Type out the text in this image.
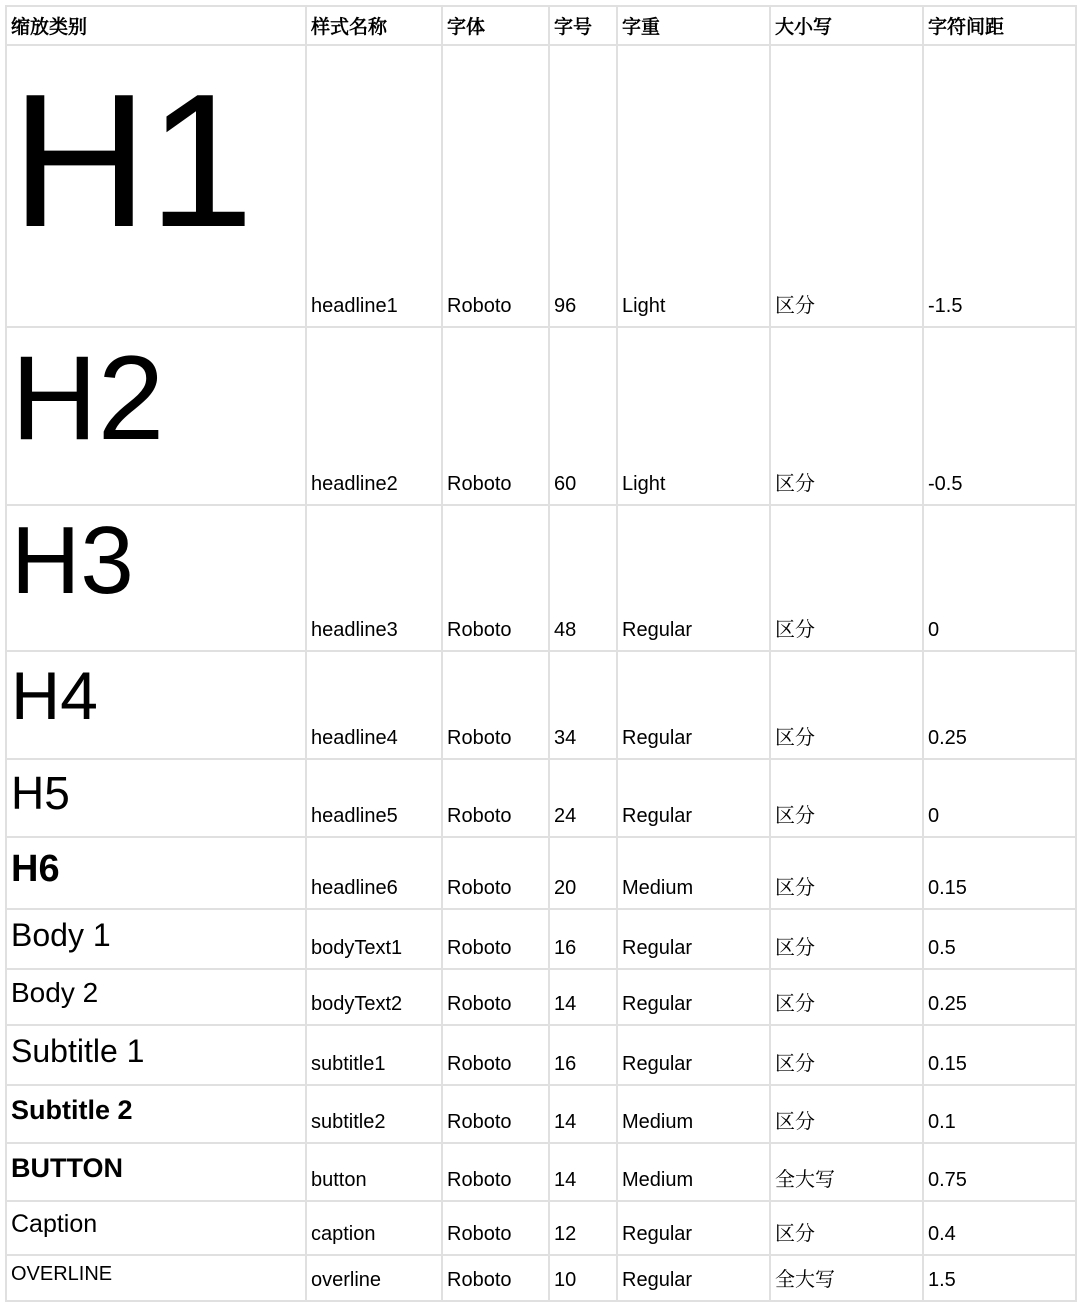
缩放类别	样式名称	字体	字号	字重	大小写	字符间距
H1	headline1	Roboto	96	Light	区分	-1.5
H2	headline2	Roboto	60	Light	区分	-0.5
H3	headline3	Roboto	48	Regular	区分	0
H4	headline4	Roboto	34	Regular	区分	0.25
H5	headline5	Roboto	24	Regular	区分	0
H6	headline6	Roboto	20	Medium	区分	0.15
Body 1	bodyText1	Roboto	16	Regular	区分	0.5
Body 2	bodyText2	Roboto	14	Regular	区分	0.25
Subtitle 1	subtitle1	Roboto	16	Regular	区分	0.15
Subtitle 2	subtitle2	Roboto	14	Medium	区分	0.1
BUTTON	button	Roboto	14	Medium	全大写	0.75
Caption	caption	Roboto	12	Regular	区分	0.4
OVERLINE	overline	Roboto	10	Regular	全大写	1.5
